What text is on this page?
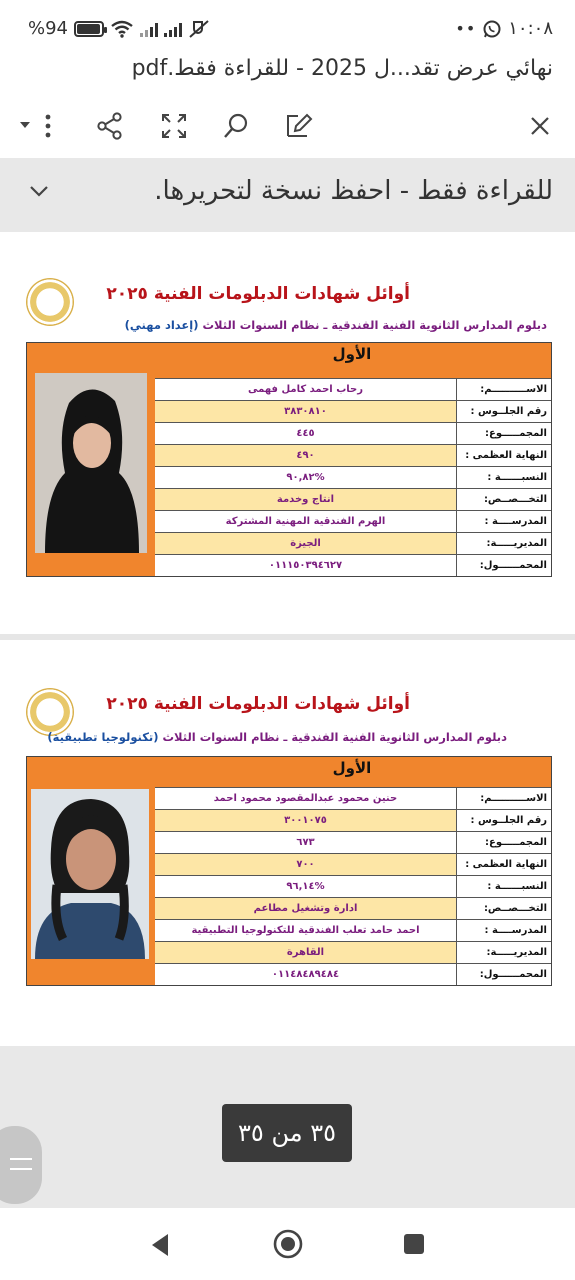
%94	•• ١٠:٠٨
نهائي عرض تقد...ل 2025 - للقراءة فقط.pdf
للقراءة فقط - احفظ نسخة لتحريرها.
أوائل شهادات الدبلومات الفنية ٢٠٢٥
دبلوم المدارس الثانوية الفنية الفندقية ـ نظام السنوات الثلاث (إعداد مهني)
الأول
الاســــــــــم:
رحاب احمد كامل فهمى
رقم الجلــوس :
٣٨٣٠٨١٠
المجمـــــوع:
٤٤٥
النهاية العظمى :
٤٩٠
النسبــــــة :
%٩٠,٨٢
التخـــصــص:
انتاج وخدمة
المدرســــة :
الهرم الفندقية المهنية المشتركة
المديريـــــة:
الجيزة
المحمــــــول:
٠١١١٥٠٣٩٤٦٢٧
أوائل شهادات الدبلومات الفنية ٢٠٢٥
دبلوم المدارس الثانوية الفنية الفندقية ـ نظام السنوات الثلاث (تكنولوجيا تطبيقية)
الأول
الاســــــــــم:
حنين محمود عبدالمقصود محمود احمد
رقم الجلــوس :
٣٠٠١٠٧٥
المجمـــــوع:
٦٧٣
النهاية العظمى :
٧٠٠
النسبــــــة :
%٩٦,١٤
التخـــصــص:
ادارة وتشغيل مطاعم
المدرســــة :
احمد حامد تعلب الفندقية للتكنولوجيا التطبيقية
المديريـــــة:
القاهرة
المحمــــــول:
٠١١٤٨٤٨٩٤٨٤
٣٥ من ٣٥
